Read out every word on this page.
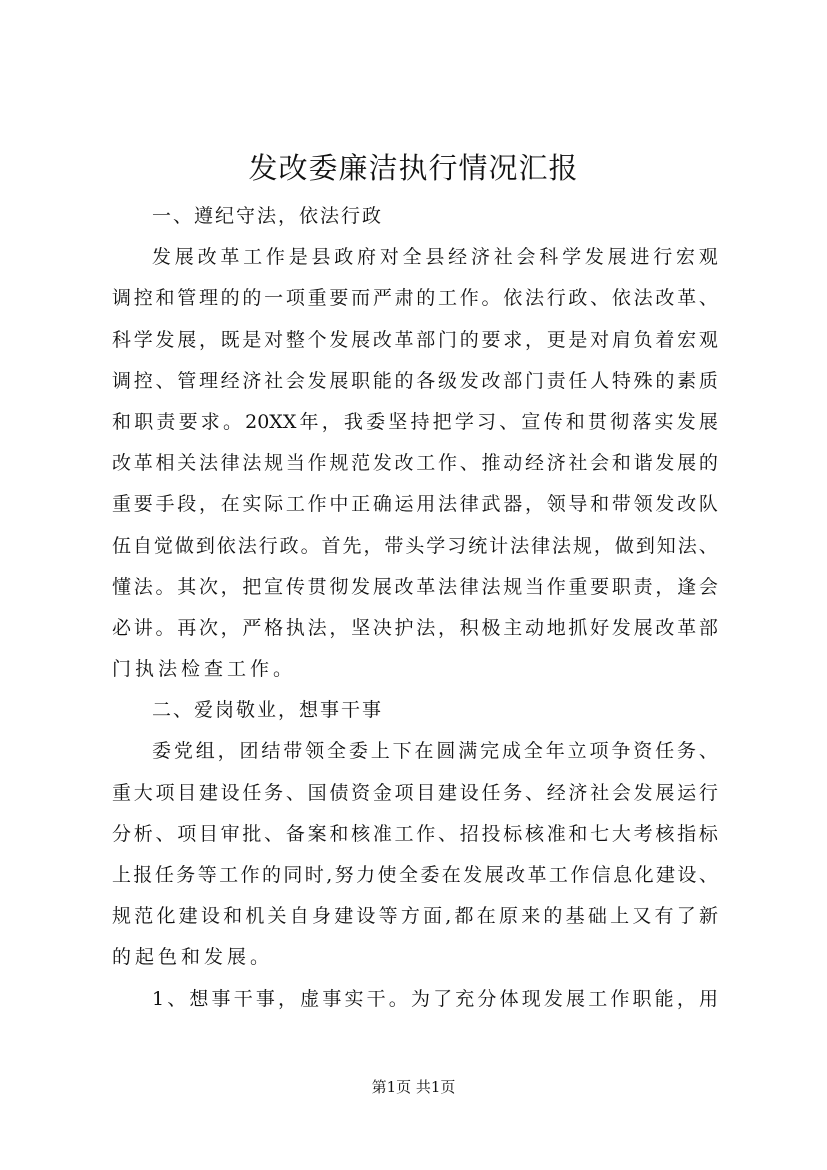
发改委廉洁执行情况汇报
一、遵纪守法，依法行政
发 展 改 革 工 作 是 县 政 府 对 全 县 经 济 社 会 科 学 发 展 进 行 宏 观
调 控 和 管 理 的 的 一 项 重 要 而 严 肃 的 工 作 。 依 法 行 政 、 依 法 改 革 、
科 学 发 展 ， 既 是 对 整 个 发 展 改 革 部 门 的 要 求 ， 更 是 对 肩 负 着 宏 观
调 控 、 管 理 经 济 社 会 发 展 职 能 的 各 级 发 改 部 门 责 任 人 特 殊 的 素 质
和 职 责 要 求 。 20XX 年 ， 我 委 坚 持 把 学 习 、 宣 传 和 贯 彻 落 实 发 展
改 革 相 关 法 律 法 规 当 作 规 范 发 改 工 作 、 推 动 经 济 社 会 和 谐 发 展 的
重 要 手 段 ， 在 实 际 工 作 中 正 确 运 用 法 律 武 器 ， 领 导 和 带 领 发 改 队
伍 自 觉 做 到 依 法 行 政 。 首 先 ， 带 头 学 习 统 计 法 律 法 规 ， 做 到 知 法 、
懂 法 。 其 次 ， 把 宣 传 贯 彻 发 展 改 革 法 律 法 规 当 作 重 要 职 责 ， 逢 会
必 讲 。 再 次 ， 严 格 执 法 ， 坚 决 护 法 ， 积 极 主 动 地 抓 好 发 展 改 革 部
门执法检查工作。
二、爱岗敬业，想事干事
委 党 组 ， 团 结 带 领 全 委 上 下 在 圆 满 完 成 全 年 立 项 争 资 任 务 、
重 大 项 目 建 设 任 务 、 国 债 资 金 项 目 建 设 任 务 、 经 济 社 会 发 展 运 行
分 析 、 项 目 审 批 、 备 案 和 核 准 工 作 、 招 投 标 核 准 和 七 大 考 核 指 标
上 报 任 务 等 工 作 的 同 时 , 努 力 使 全 委 在 发 展 改 革 工 作 信 息 化 建 设 、
规 范 化 建 设 和 机 关 自 身 建 设 等 方 面 , 都 在 原 来 的 基 础 上 又 有 了 新
的起色和发展。
1 、 想 事 干 事 ， 虚 事 实 干 。 为 了 充 分 体 现 发 展 工 作 职 能 ， 用
第1页 共1页
